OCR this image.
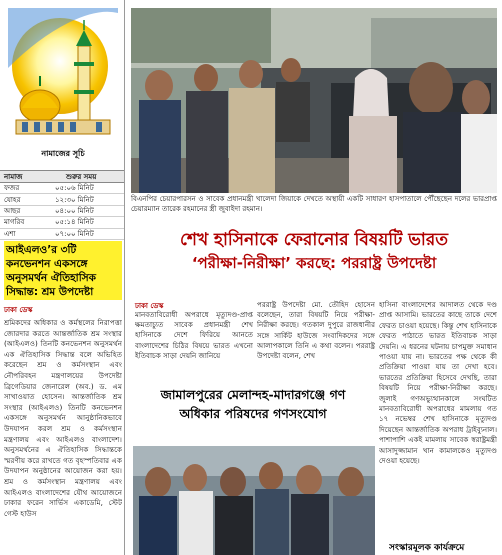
নামাজের সূচি
নামাজ	শুরুর সময়
ফজর	০৫:০৬ মিনিট
যোহর	১২:৩০ মিনিট
আছর	০৪:০০ মিনিট
মাগরিব	০৫:১৪ মিনিট
এশা	০৭:০০ মিনিট
আইএলও’র ৩টি কনভেনশন একসঙ্গে অনুসমর্থন ঐতিহাসিক সিদ্ধান্ত: শ্রম উপদেষ্টা
ঢাকা ডেস্ক
শ্রমিকদের অধিকার ও কর্মস্থলের নিরাপত্তা জোরদার করতে আন্তর্জাতিক শ্রম সংস্থার (আইএলও) তিনটি কনভেনশন অনুসমর্থন এক ঐতিহাসিক সিদ্ধান্ত বলে অভিহিত করেছেন শ্রম ও কর্মসংস্থান এবং নৌপরিবহন মন্ত্রণালয়ের উপদেষ্টা ব্রিগেডিয়ার জেনারেল (অব.) ড. এম সাখাওয়াত হোসেন। আন্তর্জাতিক শ্রম সংস্থার (আইএলও) তিনটি কনভেনশন একসঙ্গে অনুসমর্থন আনুষ্ঠানিকভাবে উদযাপন করল শ্রম ও কর্মসংস্থান মন্ত্রণালয় এবং আইএলও বাংলাদেশ। অনুসমর্থনের এ ঐতিহাসিক সিদ্ধান্তকে স্মরণীয় করে রাখতে গত বৃহস্পতিবার এক উদযাপন অনুষ্ঠানের আয়োজন করা হয়। শ্রম ও কর্মসংস্থান মন্ত্রণালয় এবং আইএলও বাংলাদেশের যৌথ আয়োজনে ঢাকার ফরেন সার্ভিস একাডেমি, স্টেট গেস্ট হাউস
বিএনপির চেয়ারপারসন ও সাবেক প্রধানমন্ত্রী খালেদা জিয়াকে দেখতে অস্থায়ী একটি সাধারণ হাসপাতালে পৌঁছেছেন দলের ভারপ্রাপ্ত চেয়ারম্যান তারেক রহমানের স্ত্রী জুবাইদা রহমান।
শেখ হাসিনাকে ফেরানোর বিষয়টি ভারত
‘পরীক্ষা-নিরীক্ষা’ করছে: পররাষ্ট্র উপদেষ্টা
ঢাকা ডেস্ক
মানবতাবিরোধী অপরাধে মৃত্যুদণ্ড-প্রাপ্ত ক্ষমতাচ্যুত সাবেক প্রধানমন্ত্রী শেখ হাসিনাকে দেশে ফিরিয়ে আনতে বাংলাদেশের চিঠির বিষয়ে ভারত এখনো ইতিবাচক সাড়া দেয়নি জানিয়ে
পররাষ্ট্র উপদেষ্টা মো. তৌহিদ হোসেন বলেছেন, তারা বিষয়টি নিয়ে পরীক্ষা-নিরীক্ষা করছে। গতকাল দুপুরে রাজধানীর সঙ্গে সার্কিট হাউজে সংবাদিকদের সঙ্গে আলাপকালে তিনি এ কথা বলেন। পররাষ্ট্র উপদেষ্টা বলেন, শেখ
হাসিনা বাংলাদেশের আদালত থেকে দণ্ড প্রাপ্ত আসামি। ভারতের কাছে তাকে দেশে ফেরত চাওয়া হয়েছে। কিন্তু শেখ হাসিনাকে ফেরত পাঠাতে ভারত ইতিবাচক সাড়া দেয়নি। এ ধরনের ঘটনায় চাপমুক্ত সমাধান পাওয়া যায় না। ভারতের পক্ষ থেকে কী প্রতিক্রিয়া পাওয়া যায় তা দেখা হবে। ভারতের প্রতিক্রিয়া হিসেবে দেখছি, তারা বিষয়টি নিয়ে পরীক্ষা-নিরীক্ষা করছে। জুলাই গণঅভ্যুত্থানকালে সংঘটিত মানবতাবিরোধী অপরাধের মামলায় গত ১৭ নভেম্বর শেখ হাসিনাকে মৃত্যুদণ্ড দিয়েছেন আন্তর্জাতিক অপরাধ ট্রাইব্যুনাল। পাশাপাশি একই মামলায় সাবেক স্বরাষ্ট্রমন্ত্রী আসাদুজ্জামান খান কামালকেও মৃত্যুদণ্ড দেওয়া হয়েছে।
জামালপুরের মেলান্দহ-মাদারগঞ্জে গণ
অধিকার পরিষদের গণসংযোগ
সংস্কারমূলক কার্যক্রমে
